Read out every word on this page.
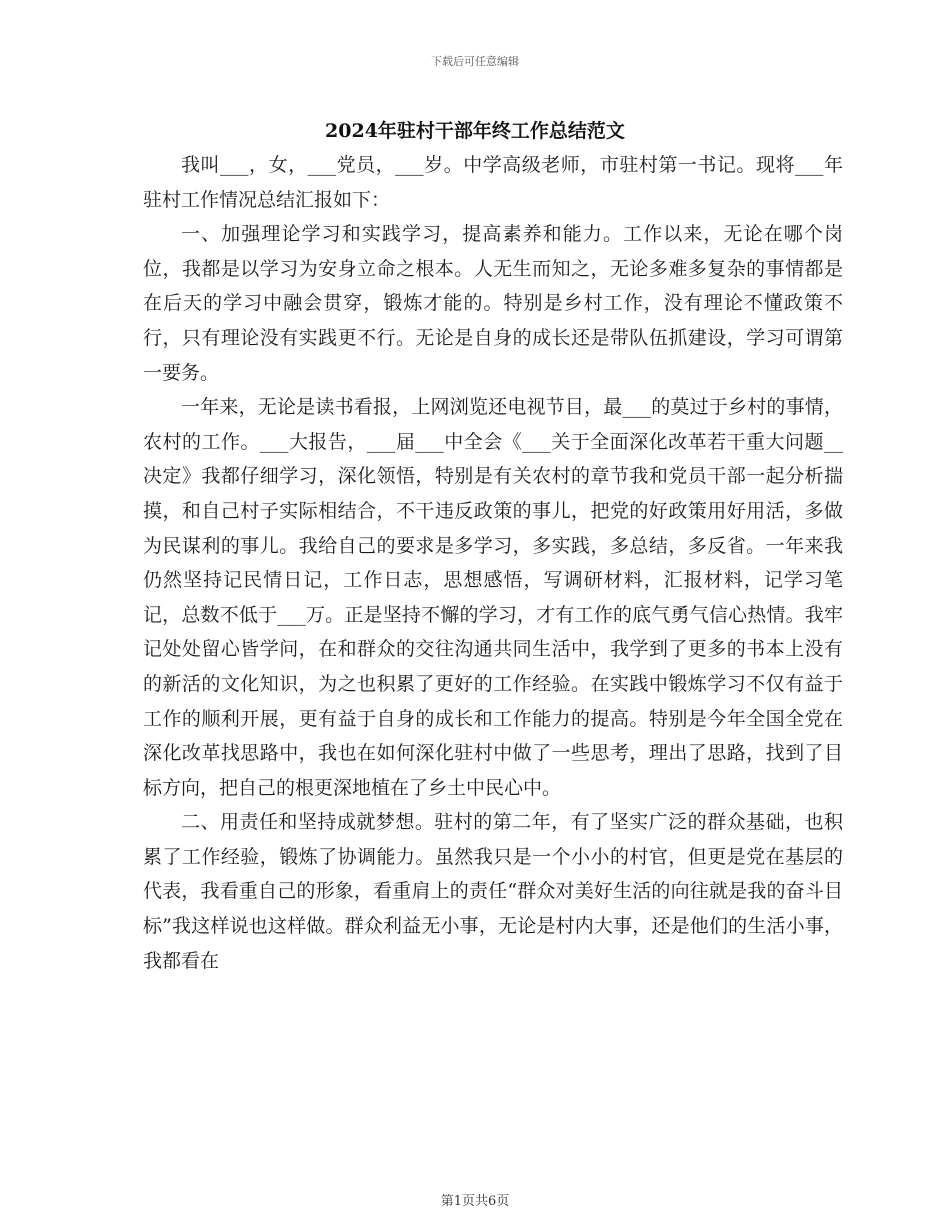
下载后可任意编辑
2024年驻村干部年终工作总结范文

我叫___，女，___党员，___岁。中学高级老师，市驻村第一书记。现将___年驻村工作情况总结汇报如下：

一、加强理论学习和实践学习，提高素养和能力。工作以来，无论在哪个岗位，我都是以学习为安身立命之根本。人无生而知之，无论多难多复杂的事情都是在后天的学习中融会贯穿，锻炼才能的。特别是乡村工作，没有理论不懂政策不行，只有理论没有实践更不行。无论是自身的成长还是带队伍抓建设，学习可谓第一要务。

一年来，无论是读书看报，上网浏览还电视节目，最___的莫过于乡村的事情，农村的工作。___大报告，___届___中全会《___关于全面深化改革若干重大问题__决定》我都仔细学习，深化领悟，特别是有关农村的章节我和党员干部一起分析揣摸，和自己村子实际相结合，不干违反政策的事儿，把党的好政策用好用活，多做为民谋利的事儿。我给自己的要求是多学习，多实践，多总结，多反省。一年来我仍然坚持记民情日记，工作日志，思想感悟，写调研材料，汇报材料，记学习笔记，总数不低于___万。正是坚持不懈的学习，才有工作的底气勇气信心热情。我牢记处处留心皆学问，在和群众的交往沟通共同生活中，我学到了更多的书本上没有的新活的文化知识，为之也积累了更好的工作经验。在实践中锻炼学习不仅有益于工作的顺利开展，更有益于自身的成长和工作能力的提高。特别是今年全国全党在深化改革找思路中，我也在如何深化驻村中做了一些思考，理出了思路，找到了目标方向，把自己的根更深地植在了乡土中民心中。

二、用责任和坚持成就梦想。驻村的第二年，有了坚实广泛的群众基础，也积累了工作经验，锻炼了协调能力。虽然我只是一个小小的村官，但更是党在基层的代表，我看重自己的形象，看重肩上的责任“群众对美好生活的向往就是我的奋斗目标”我这样说也这样做。群众利益无小事，无论是村内大事，还是他们的生活小事，我都看在

第1页共6页
